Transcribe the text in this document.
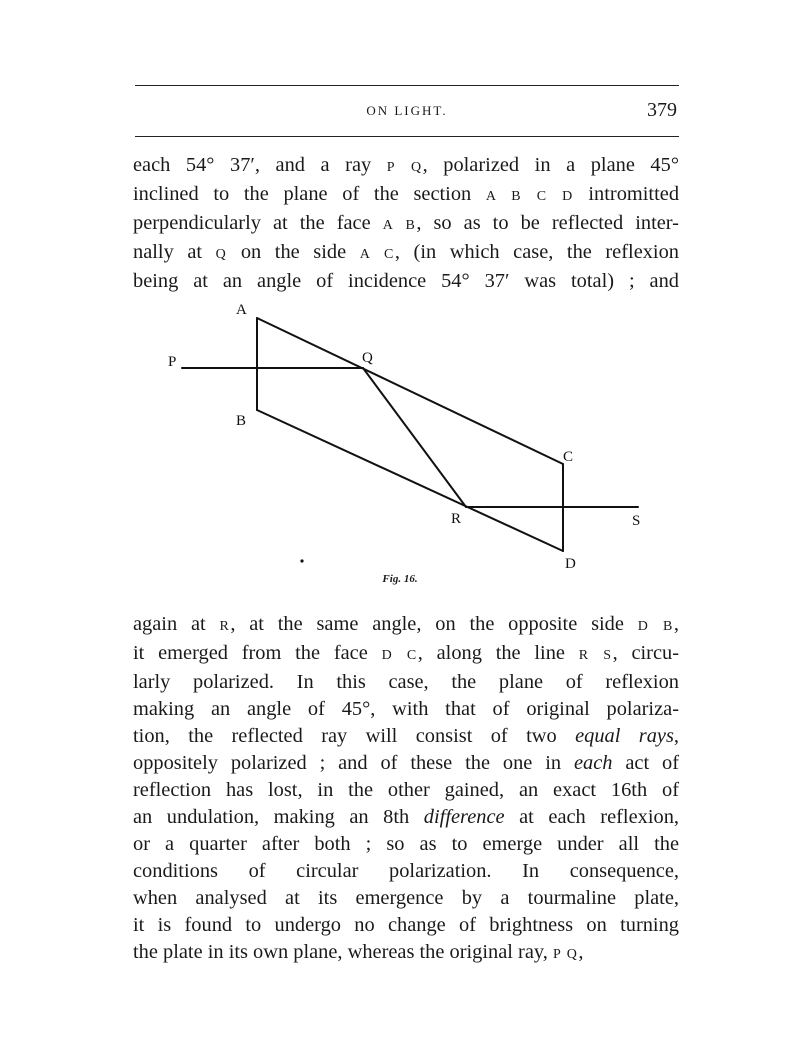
ON LIGHT.	379
each 54° 37′, and a ray P Q, polarized in a plane 45°
inclined to the plane of the section A B C D intromitted
perpendicularly at the face A B, so as to be reflected inter-
nally at Q on the side A C, (in which case, the reflexion
being at an angle of incidence 54° 37′ was total) ; and
A
B
C
D
P	Q
R	S
Fig. 16.
again at R, at the same angle, on the opposite side D B,
it emerged from the face D C, along the line R S, circu-
larly polarized. In this case, the plane of reflexion
making an angle of 45°, with that of original polariza-
tion, the reflected ray will consist of two equal rays,
oppositely polarized ; and of these the one in each act of
reflection has lost, in the other gained, an exact 16th of
an undulation, making an 8th difference at each reflexion,
or a quarter after both ; so as to emerge under all the
conditions of circular polarization. In consequence,
when analysed at its emergence by a tourmaline plate,
it is found to undergo no change of brightness on turning
the plate in its own plane, whereas the original ray, P Q,
